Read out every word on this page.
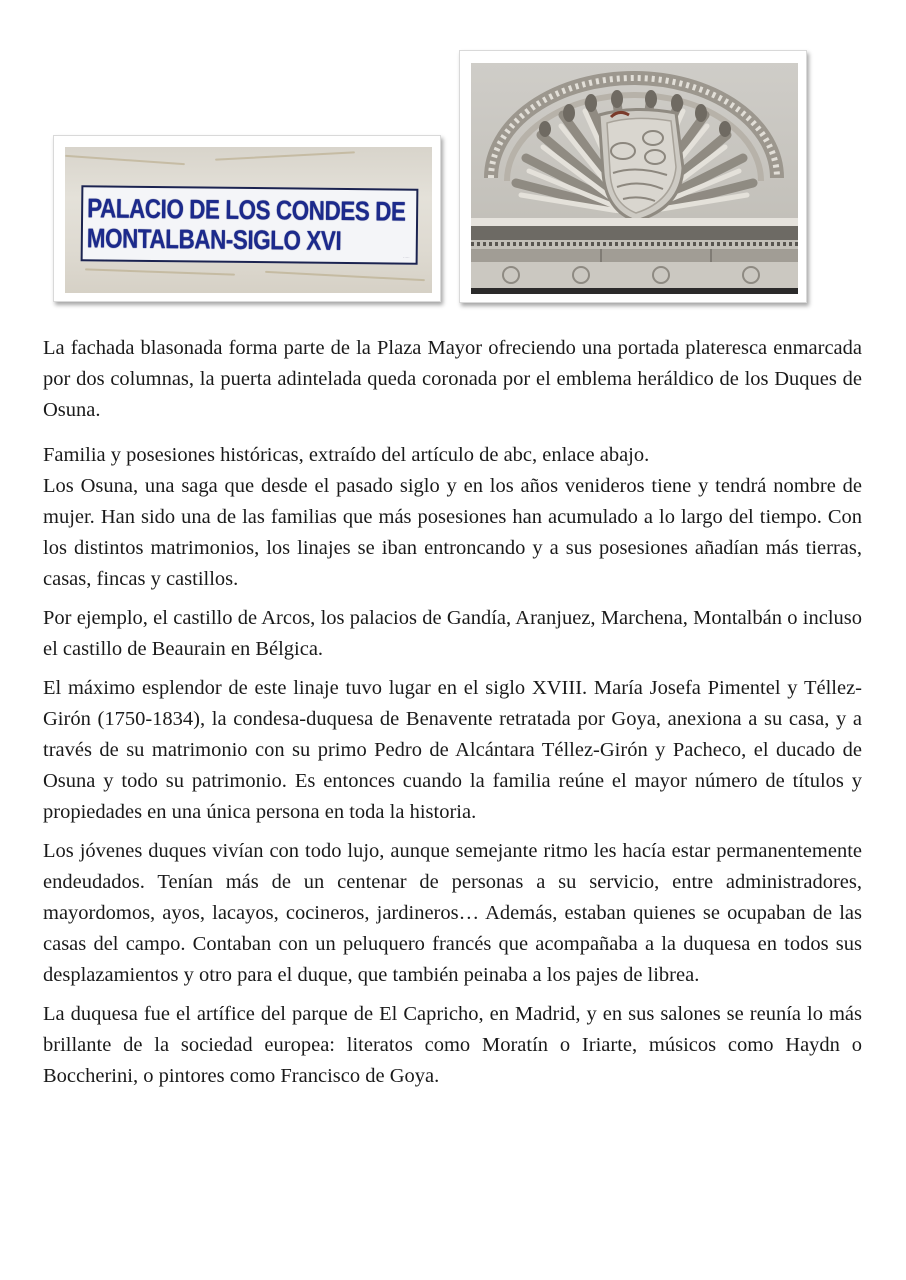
PALACIO DE LOS CONDES DE
MONTALBAN-SIGLO XVI
·····

La fachada blasonada forma parte de la Plaza Mayor ofreciendo una portada plateresca enmarcada por dos columnas, la puerta adintelada queda coronada por el emblema heráldico de los Duques de Osuna.

Familia y posesiones históricas, extraído del artículo de abc, enlace abajo.

Los Osuna, una saga que desde el pasado siglo y en los años venideros tiene y tendrá nombre de mujer. Han sido una de las familias que más posesiones han acumulado a lo largo del tiempo. Con los distintos matrimonios, los linajes se iban entroncando y a sus posesiones añadían más tierras, casas, fincas y castillos.

Por ejemplo, el castillo de Arcos, los palacios de Gandía, Aranjuez, Marchena, Montalbán o incluso el castillo de Beaurain en Bélgica.

El máximo esplendor de este linaje tuvo lugar en el siglo XVIII. María Josefa Pimentel y Téllez-Girón (1750-1834), la condesa-duquesa de Benavente retratada por Goya, anexiona a su casa, y a través de su matrimonio con su primo Pedro de Alcántara Téllez-Girón y Pacheco, el ducado de Osuna y todo su patrimonio. Es entonces cuando la familia reúne el mayor número de títulos y propiedades en una única persona en toda la historia.

Los jóvenes duques vivían con todo lujo, aunque semejante ritmo les hacía estar permanentemente endeudados. Tenían más de un centenar de personas a su servicio, entre administradores, mayordomos, ayos, lacayos, cocineros, jardineros… Además, estaban quienes se ocupaban de las casas del campo. Contaban con un peluquero francés que acompañaba a la duquesa en todos sus desplazamientos y otro para el duque, que también peinaba a los pajes de librea.

La duquesa fue el artífice del parque de El Capricho, en Madrid, y en sus salones se reunía lo más brillante de la sociedad europea: literatos como Moratín o Iriarte, músicos como Haydn o Boccherini, o pintores como Francisco de Goya.
